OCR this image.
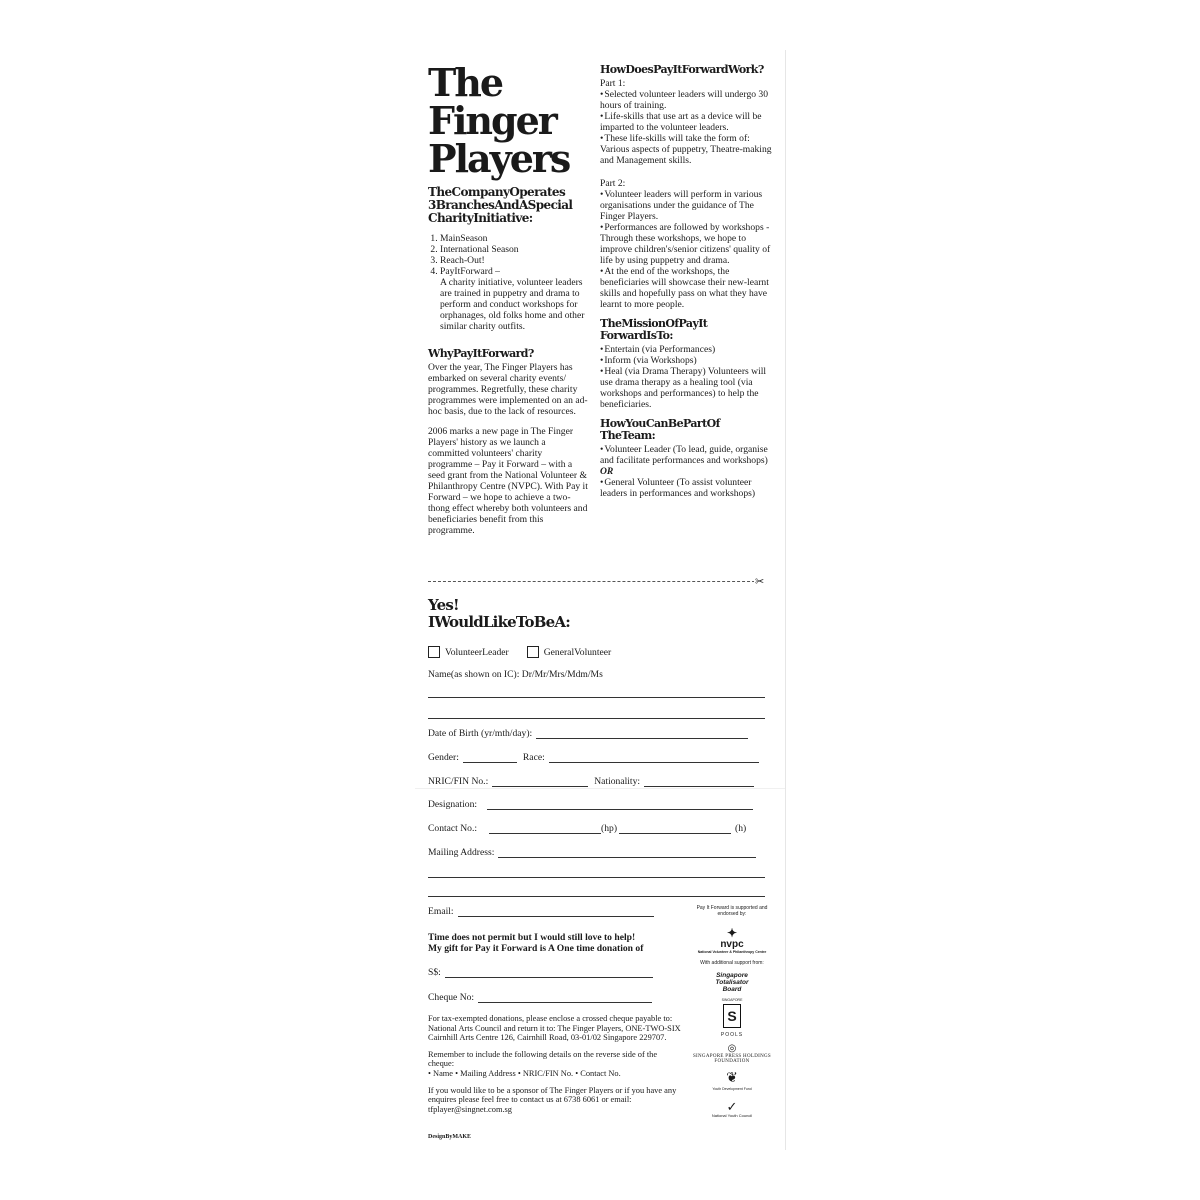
The
Finger
Players
TheCompanyOperates 3BranchesAndASpecial CharityInitiative:
1. MainSeason
2. International Season
3. Reach-Out!
4. PayItForward –

A charity initiative, volunteer leaders are trained in puppetry and drama to perform and conduct workshops for orphanages, old folks home and other similar charity outfits.

WhyPayItForward?

Over the year, The Finger Players has embarked on several charity events/ programmes. Regretfully, these charity programmes were implemented on an ad-hoc basis, due to the lack of resources.

2006 marks a new page in The Finger Players' history as we launch a committed volunteers' charity programme – Pay it Forward – with a seed grant from the National Volunteer & Philanthropy Centre (NVPC). With Pay it Forward – we hope to achieve a two-thong effect whereby both volunteers and beneficiaries benefit from this programme.

HowDoesPayItForwardWork?

Part 1:

• Selected volunteer leaders will undergo 30 hours of training.
• Life-skills that use art as a device will be imparted to the volunteer leaders.
• These life-skills will take the form of: Various aspects of puppetry, Theatre-making and Management skills.

Part 2:

• Volunteer leaders will perform in various organisations under the guidance of The Finger Players.
• Performances are followed by workshops - Through these workshops, we hope to improve children's/senior citizens' quality of life by using puppetry and drama.
• At the end of the workshops, the beneficiaries will showcase their new-learnt skills and hopefully pass on what they have learnt to more people.
TheMissionOfPayIt ForwardIsTo:
• Entertain (via Performances)
• Inform (via Workshops)
• Heal (via Drama Therapy) Volunteers will use drama therapy as a healing tool (via workshops and performances) to help the beneficiaries.
HowYouCanBePartOf TheTeam:
• Volunteer Leader (To lead, guide, organise and facilitate performances and workshops) OR
• General Volunteer (To assist volunteer leaders in performances and workshops)
✂
Yes!
IWouldLikeToBeA:
VolunteerLeader	GeneralVolunteer
Name(as shown on IC): Dr/Mr/Mrs/Mdm/Ms
Date of Birth (yr/mth/day):
Gender:	Race:
NRIC/FIN No.:	Nationality:
Designation:
Contact No.:	(hp)	(h)
Mailing Address:
Email:

Time does not permit but I would still love to help!

My gift for Pay it Forward is A One time donation of

S$:
Cheque No:

For tax-exempted donations, please enclose a crossed cheque payable to: National Arts Council and return it to: The Finger Players, ONE-TWO-SIX Cairnhill Arts Centre 126, Cairnhill Road, 03-01/02 Singapore 229707.

Remember to include the following details on the reverse side of the cheque:

• Name • Mailing Address • NRIC/FIN No. • Contact No.

If you would like to be a sponsor of The Finger Players or if you have any enquires please feel free to contact us at 6738 6061 or email: tfplayer@singnet.com.sg

DesignByMAKE
Pay It Forward is supported and endorsed by:
✦
nvpc
National Volunteer & Philanthropy Centre
With additional support from:
Singapore Totalisator Board
SINGAPORE
S
POOLS
◎
SINGAPORE PRESS HOLDINGS FOUNDATION
❦
Youth Development Fund
✓
National Youth Council
